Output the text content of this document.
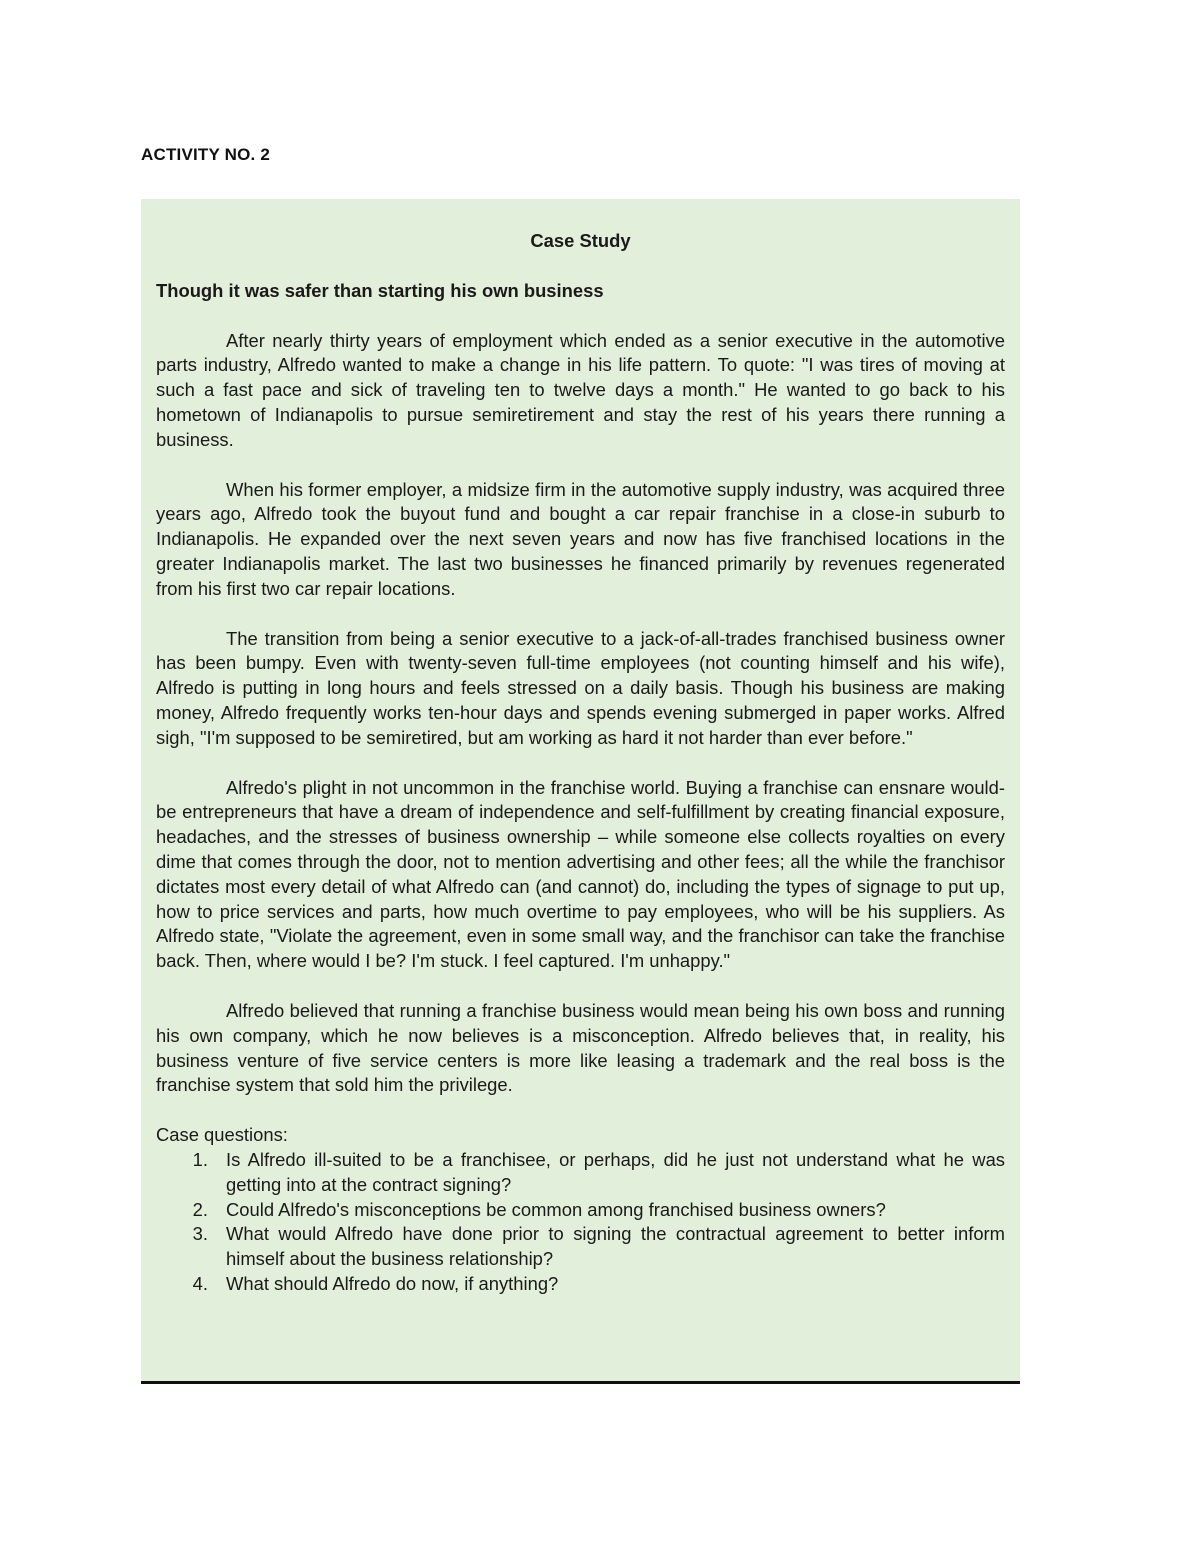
ACTIVITY NO. 2

Case Study

Though it was safer than starting his own business

After nearly thirty years of employment which ended as a senior executive in the automotive parts industry, Alfredo wanted to make a change in his life pattern. To quote: "I was tires of moving at such a fast pace and sick of traveling ten to twelve days a month." He wanted to go back to his hometown of Indianapolis to pursue semiretirement and stay the rest of his years there running a business.

When his former employer, a midsize firm in the automotive supply industry, was acquired three years ago, Alfredo took the buyout fund and bought a car repair franchise in a close-in suburb to Indianapolis. He expanded over the next seven years and now has five franchised locations in the greater Indianapolis market. The last two businesses he financed primarily by revenues regenerated from his first two car repair locations.

The transition from being a senior executive to a jack-of-all-trades franchised business owner has been bumpy. Even with twenty-seven full-time employees (not counting himself and his wife), Alfredo is putting in long hours and feels stressed on a daily basis. Though his business are making money, Alfredo frequently works ten-hour days and spends evening submerged in paper works. Alfred sigh, "I'm supposed to be semiretired, but am working as hard it not harder than ever before."

Alfredo's plight in not uncommon in the franchise world. Buying a franchise can ensnare would-be entrepreneurs that have a dream of independence and self-fulfillment by creating financial exposure, headaches, and the stresses of business ownership – while someone else collects royalties on every dime that comes through the door, not to mention advertising and other fees; all the while the franchisor dictates most every detail of what Alfredo can (and cannot) do, including the types of signage to put up, how to price services and parts, how much overtime to pay employees, who will be his suppliers. As Alfredo state, "Violate the agreement, even in some small way, and the franchisor can take the franchise back. Then, where would I be? I'm stuck. I feel captured. I'm unhappy."

Alfredo believed that running a franchise business would mean being his own boss and running his own company, which he now believes is a misconception. Alfredo believes that, in reality, his business venture of five service centers is more like leasing a trademark and the real boss is the franchise system that sold him the privilege.

Case questions:

1. Is Alfredo ill-suited to be a franchisee, or perhaps, did he just not understand what he was getting into at the contract signing?
2. Could Alfredo's misconceptions be common among franchised business owners?
3. What would Alfredo have done prior to signing the contractual agreement to better inform himself about the business relationship?
4. What should Alfredo do now, if anything?
